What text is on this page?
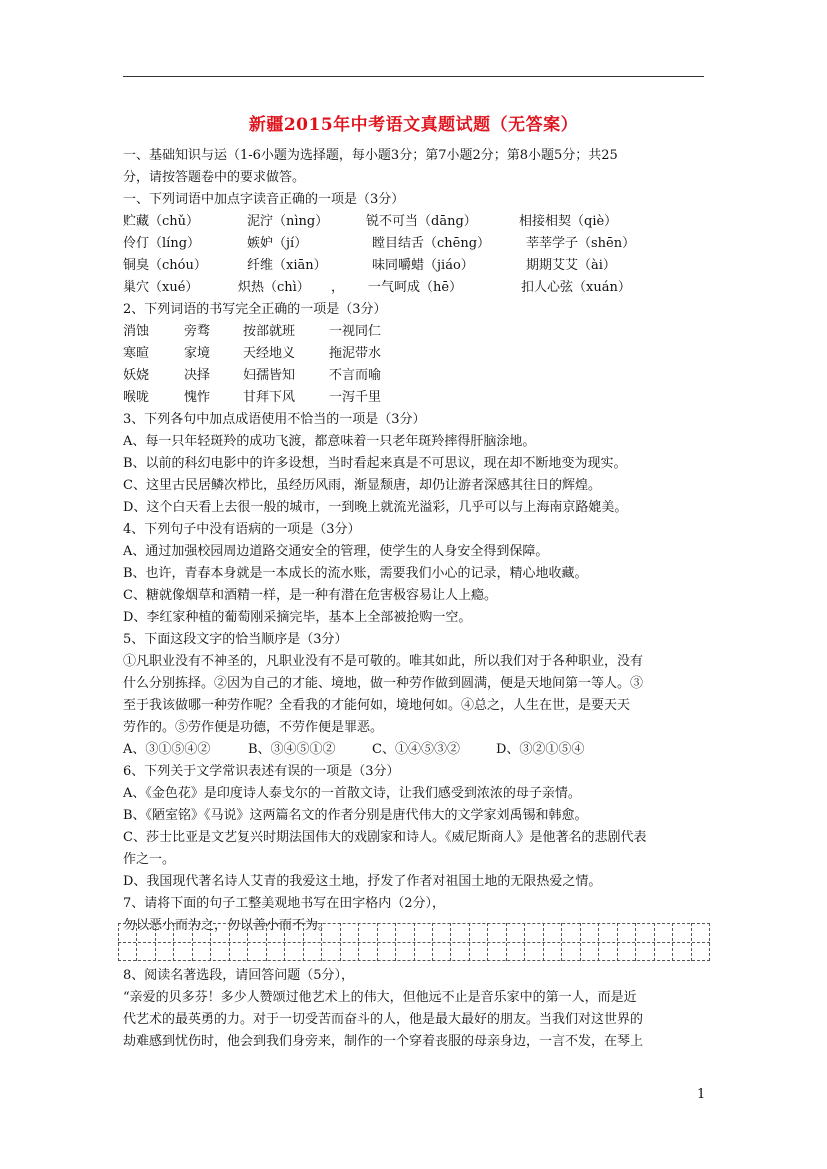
新疆2015年中考语文真题试题（无答案）
一、基础知识与运（1-6小题为选择题，每小题3分；第7小题2分；第8小题5分；共25
分，请按答题卷中的要求做答。
一、下列词语中加点字读音正确的一项是（3分）
贮藏（chǔ）	泥泞（nìng）	锐不可当（dāng）	相接相契（qiè）
伶仃（líng）	嫉妒（jí）	瞠目结舌（chēng）	莘莘学子（shēn）
铜臭（chóu）	纤维（xiān）	味同嚼蜡（jiáo）	期期艾艾（ài）
巢穴（xué）	炽热（chì） ， 一气呵成（hē）	扣人心弦（xuán）
2、下列词语的书写完全正确的一项是（3分）
消蚀	旁骛	按部就班	一视同仁
寒暄	家境	天经地义	拖泥带水
妖娆	决择	妇孺皆知	不言而喻
喉咙	愧怍	甘拜下风	一泻千里
3、下列各句中加点成语使用不恰当的一项是（3分）
A、每一只年轻斑羚的成功飞渡，都意味着一只老年斑羚摔得肝脑涂地。
B、以前的科幻电影中的许多设想，当时看起来真是不可思议，现在却不断地变为现实。
C、这里古民居鳞次栉比，虽经历风雨，渐显颓唐，却仍让游者深感其往日的辉煌。
D、这个白天看上去很一般的城市，一到晚上就流光溢彩，几乎可以与上海南京路媲美。
4、下列句子中没有语病的一项是（3分）
A、通过加强校园周边道路交通安全的管理，使学生的人身安全得到保障。
B、也许，青春本身就是一本成长的流水账，需要我们小心的记录，精心地收藏。
C、糖就像烟草和酒精一样，是一种有潜在危害极容易让人上瘾。
D、李红家种植的葡萄刚采摘完毕，基本上全部被抢购一空。
5、下面这段文字的恰当顺序是（3分）
①凡职业没有不神圣的，凡职业没有不是可敬的。唯其如此，所以我们对于各种职业，没有
什么分别拣择。②因为自己的才能、境地，做一种劳作做到圆满，便是天地间第一等人。③
至于我该做哪一种劳作呢？全看我的才能何如，境地何如。④总之，人生在世，是要天天
劳作的。⑤劳作便是功德，不劳作便是罪恶。
A、③①⑤④②	B、③④⑤①②	C、①④⑤③②	D、③②①⑤④
6、下列关于文学常识表述有误的一项是（3分）
A、《金色花》是印度诗人泰戈尔的一首散文诗，让我们感受到浓浓的母子亲情。
B、《陋室铭》《马说》这两篇名文的作者分别是唐代伟大的文学家刘禹锡和韩愈。
C、莎士比亚是文艺复兴时期法国伟大的戏剧家和诗人。《威尼斯商人》是他著名的悲剧代表
作之一。
D、我国现代著名诗人艾青的我爱这土地，抒发了作者对祖国土地的无限热爱之情。
7、请将下面的句子工整美观地书写在田字格内（2分），
勿以恶小而为之，勿以善小而不为。
8、阅读名著选段，请回答问题（5分），
“亲爱的贝多芬！多少人赞颂过他艺术上的伟大，但他远不止是音乐家中的第一人，而是近
代艺术的最英勇的力。对于一切受苦而奋斗的人，他是最大最好的朋友。当我们对这世界的
劫难感到忧伤时，他会到我们身旁来，制作的一个穿着丧服的母亲身边，一言不发，在琴上
1
